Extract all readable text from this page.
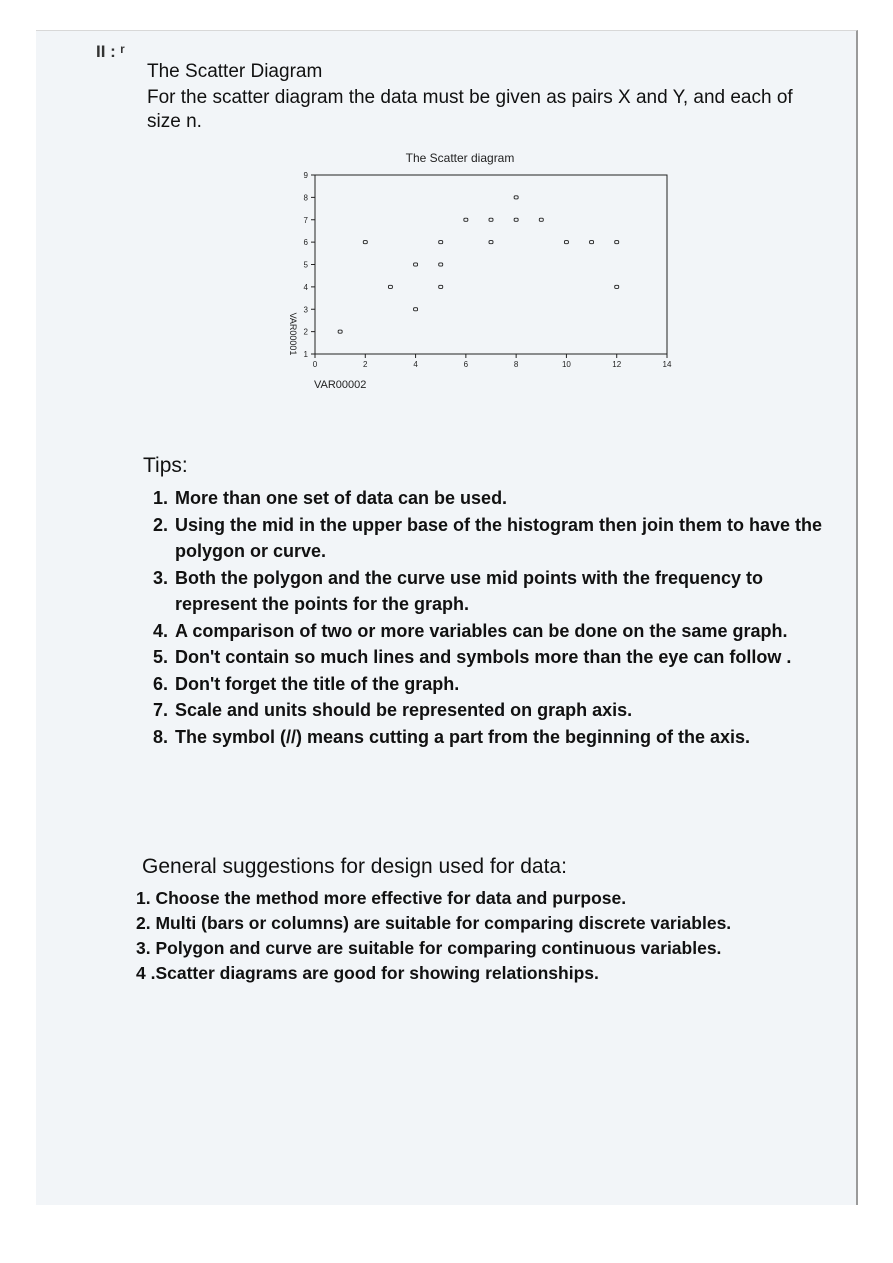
II : ʳ
The Scatter Diagram
For the scatter diagram the data must be given as pairs X and Y, and each of size n.
The Scatter diagram
1
2
3
4
5
6
7
8
9
0	2	4	6	8	10	12	14
VAR00001
VAR00002
Tips:
1. More than one set of data can be used.
2. Using the mid in the upper base of the histogram then join them to have the polygon or curve.
3. Both the polygon and the curve use mid points with the frequency to represent the points for the graph.
4. A comparison of two or more variables can be done on the same graph.
5. Don't contain so much lines and symbols more than the eye can follow .
6. Don't forget the title of the graph.
7. Scale and units should be represented on graph axis.
8. The symbol (//) means cutting a part from the beginning of the axis.
General suggestions for design used for data:
1. Choose the method more effective for data and purpose.
2. Multi (bars or columns) are suitable for comparing discrete variables.
3. Polygon and curve are suitable for comparing continuous variables.
4 .Scatter diagrams are good for showing relationships.
